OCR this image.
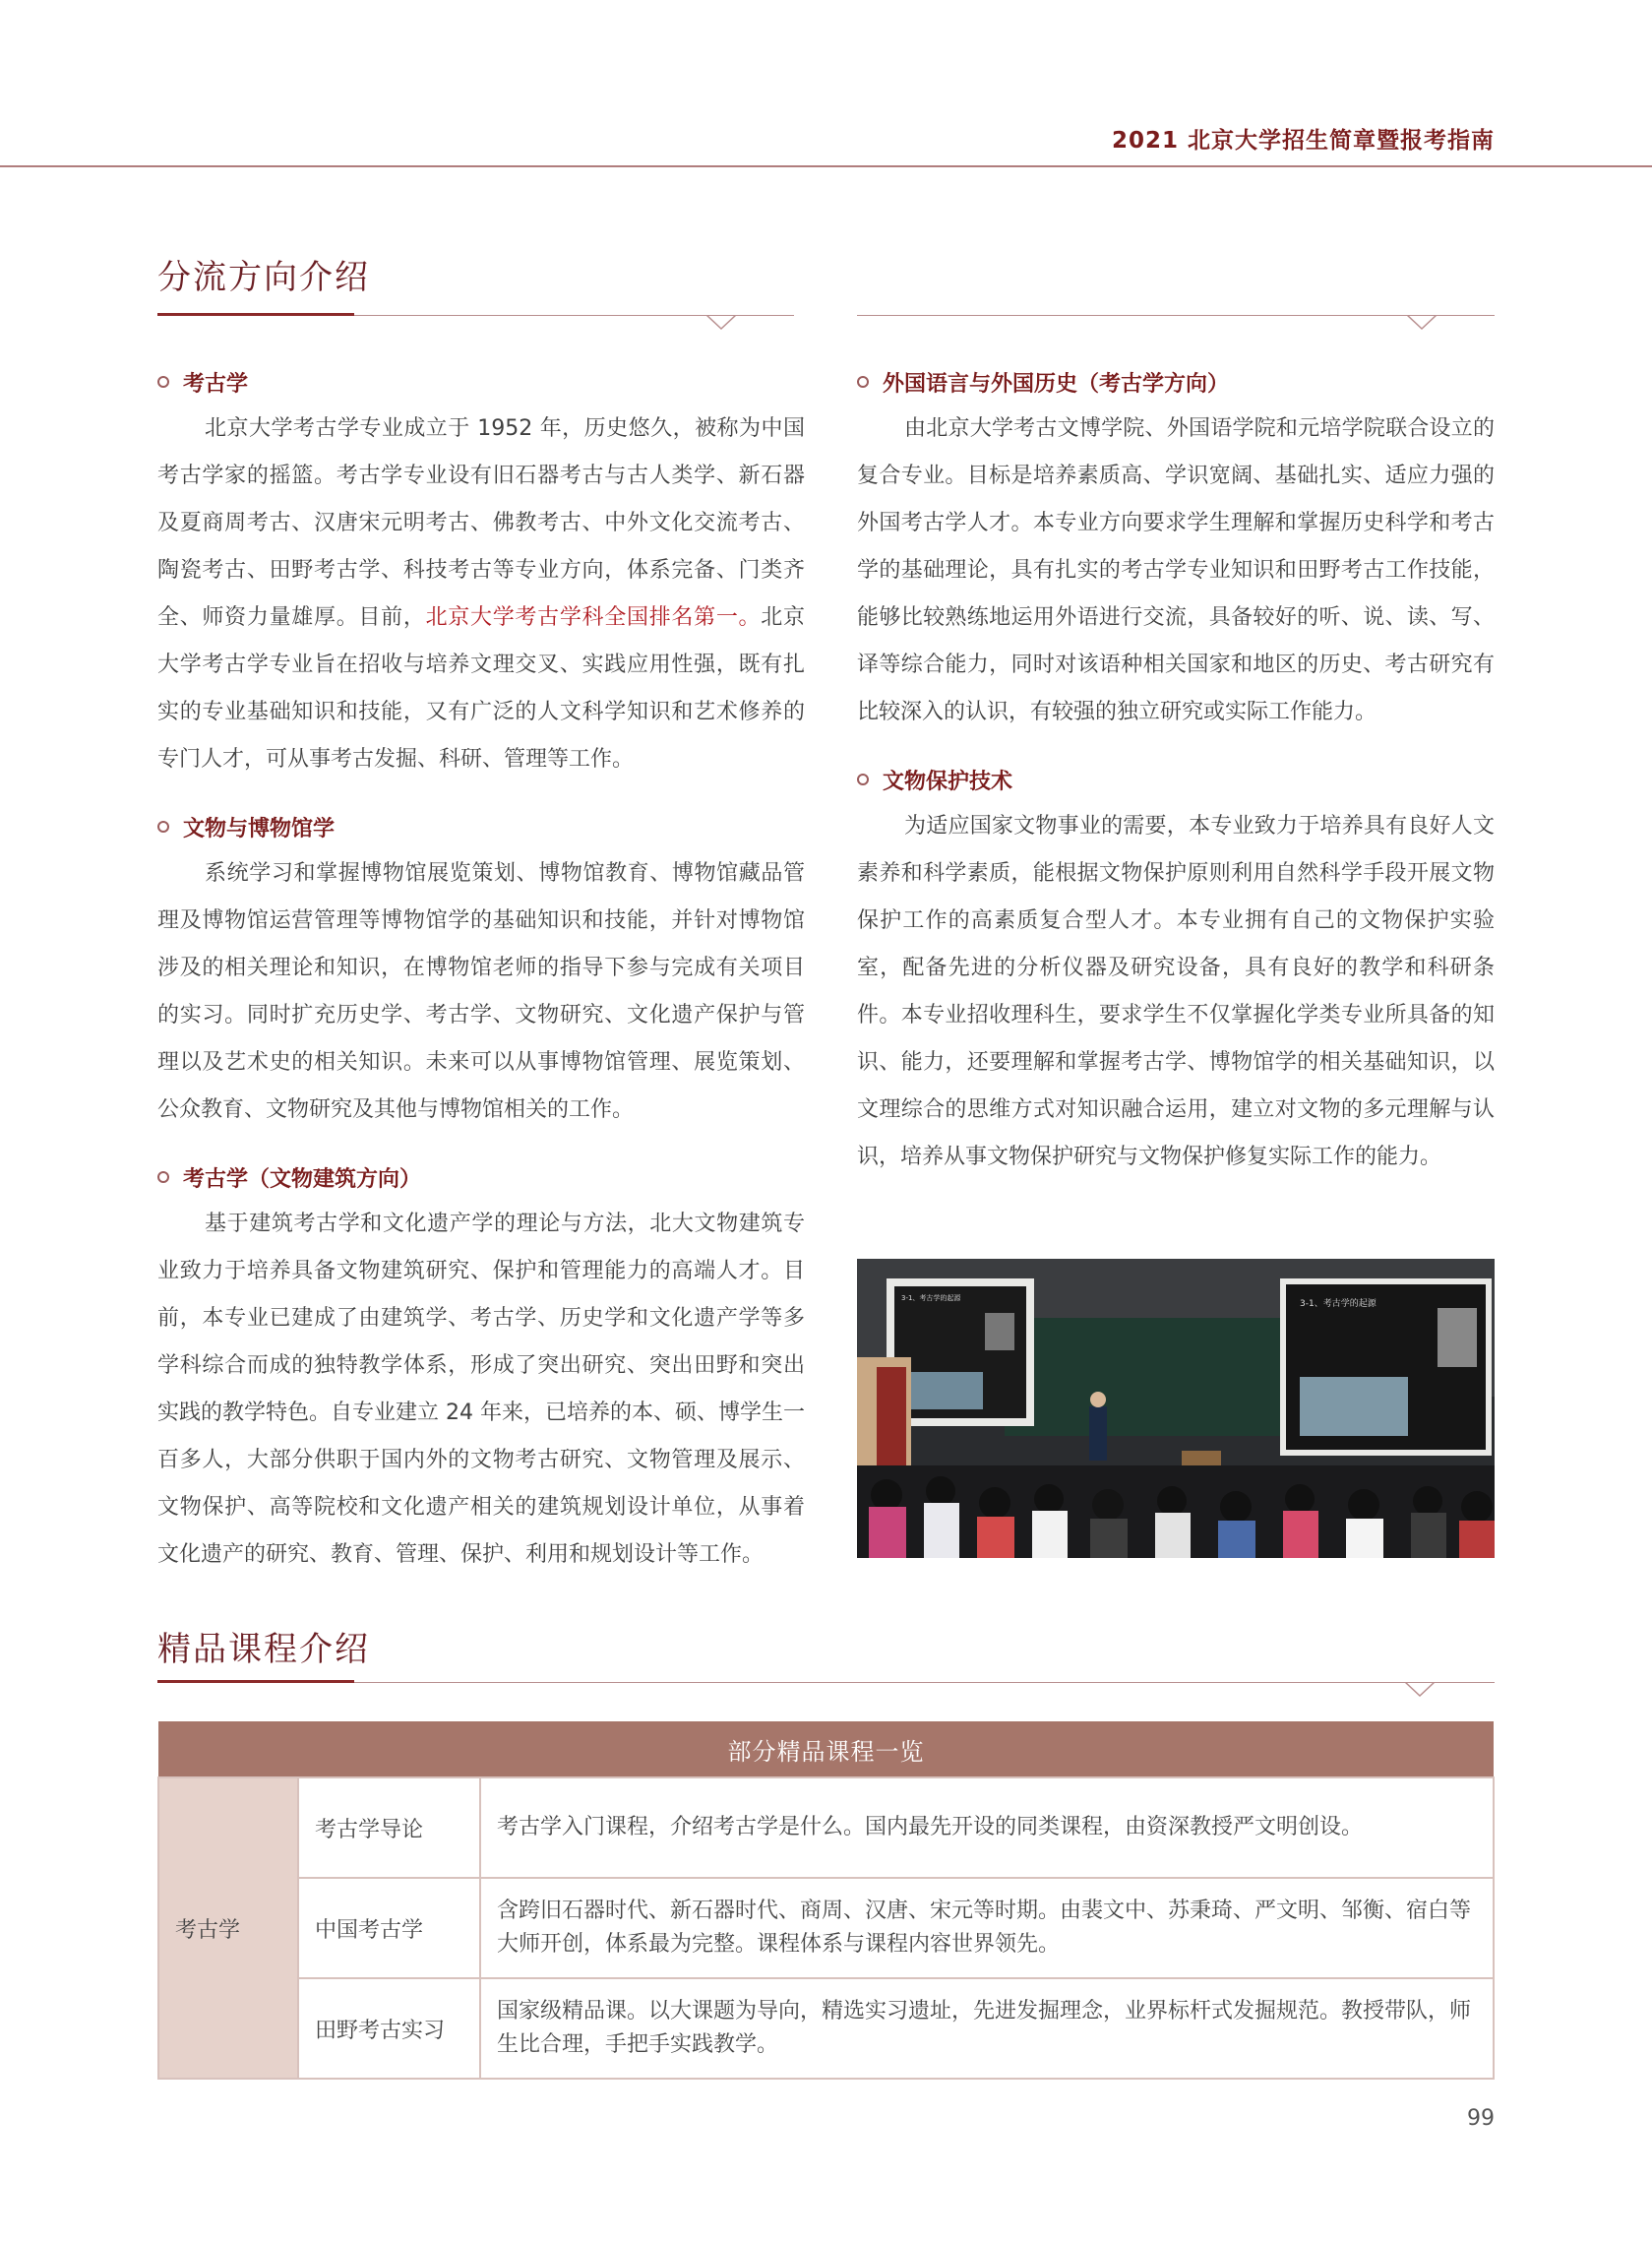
2021 北京大学招生简章暨报考指南
分流方向介绍
考古学

北京大学考古学专业成立于 1952 年，历史悠久，被称为中国考古学家的摇篮。考古学专业设有旧石器考古与古人类学、新石器及夏商周考古、汉唐宋元明考古、佛教考古、中外文化交流考古、陶瓷考古、田野考古学、科技考古等专业方向，体系完备、门类齐全、师资力量雄厚。目前，北京大学考古学科全国排名第一。北京大学考古学专业旨在招收与培养文理交叉、实践应用性强，既有扎实的专业基础知识和技能，又有广泛的人文科学知识和艺术修养的专门人才，可从事考古发掘、科研、管理等工作。

文物与博物馆学

系统学习和掌握博物馆展览策划、博物馆教育、博物馆藏品管理及博物馆运营管理等博物馆学的基础知识和技能，并针对博物馆涉及的相关理论和知识，在博物馆老师的指导下参与完成有关项目的实习。同时扩充历史学、考古学、文物研究、文化遗产保护与管理以及艺术史的相关知识。未来可以从事博物馆管理、展览策划、公众教育、文物研究及其他与博物馆相关的工作。

考古学（文物建筑方向）

基于建筑考古学和文化遗产学的理论与方法，北大文物建筑专业致力于培养具备文物建筑研究、保护和管理能力的高端人才。目前，本专业已建成了由建筑学、考古学、历史学和文化遗产学等多学科综合而成的独特教学体系，形成了突出研究、突出田野和突出实践的教学特色。自专业建立 24 年来，已培养的本、硕、博学生一百多人，大部分供职于国内外的文物考古研究、文物管理及展示、文物保护、高等院校和文化遗产相关的建筑规划设计单位，从事着文化遗产的研究、教育、管理、保护、利用和规划设计等工作。

外国语言与外国历史（考古学方向）

由北京大学考古文博学院、外国语学院和元培学院联合设立的复合专业。目标是培养素质高、学识宽阔、基础扎实、适应力强的外国考古学人才。本专业方向要求学生理解和掌握历史科学和考古学的基础理论，具有扎实的考古学专业知识和田野考古工作技能，能够比较熟练地运用外语进行交流，具备较好的听、说、读、写、译等综合能力，同时对该语种相关国家和地区的历史、考古研究有比较深入的认识，有较强的独立研究或实际工作能力。

文物保护技术

为适应国家文物事业的需要，本专业致力于培养具有良好人文素养和科学素质，能根据文物保护原则利用自然科学手段开展文物保护工作的高素质复合型人才。本专业拥有自己的文物保护实验室，配备先进的分析仪器及研究设备，具有良好的教学和科研条件。本专业招收理科生，要求学生不仅掌握化学类专业所具备的知识、能力，还要理解和掌握考古学、博物馆学的相关基础知识，以文理综合的思维方式对知识融合运用，建立对文物的多元理解与认识，培养从事文物保护研究与文物保护修复实际工作的能力。

3-1、考古学的起源
3-1、考古学的起源
精品课程介绍
部分精品课程一览		
考古学	考古学导论	考古学入门课程，介绍考古学是什么。国内最先开设的同类课程，由资深教授严文明创设。
	中国考古学	含跨旧石器时代、新石器时代、商周、汉唐、宋元等时期。由裴文中、苏秉琦、严文明、邹衡、宿白等大师开创，体系最为完整。课程体系与课程内容世界领先。
	田野考古实习	国家级精品课。以大课题为导向，精选实习遗址，先进发掘理念，业界标杆式发掘规范。教授带队，师生比合理，手把手实践教学。
99
